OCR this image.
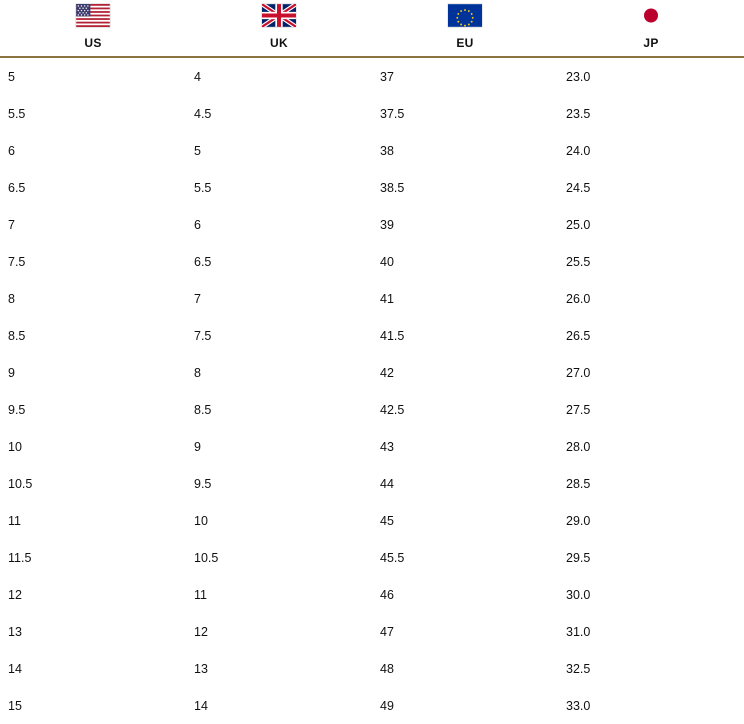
US	UK	EU	JP

5	4	37	23.0
5.5	4.5	37.5	23.5
6	5	38	24.0
6.5	5.5	38.5	24.5
7	6	39	25.0
7.5	6.5	40	25.5
8	7	41	26.0
8.5	7.5	41.5	26.5
9	8	42	27.0
9.5	8.5	42.5	27.5
10	9	43	28.0
10.5	9.5	44	28.5
11	10	45	29.0
11.5	10.5	45.5	29.5
12	11	46	30.0
13	12	47	31.0
14	13	48	32.5
15	14	49	33.0
